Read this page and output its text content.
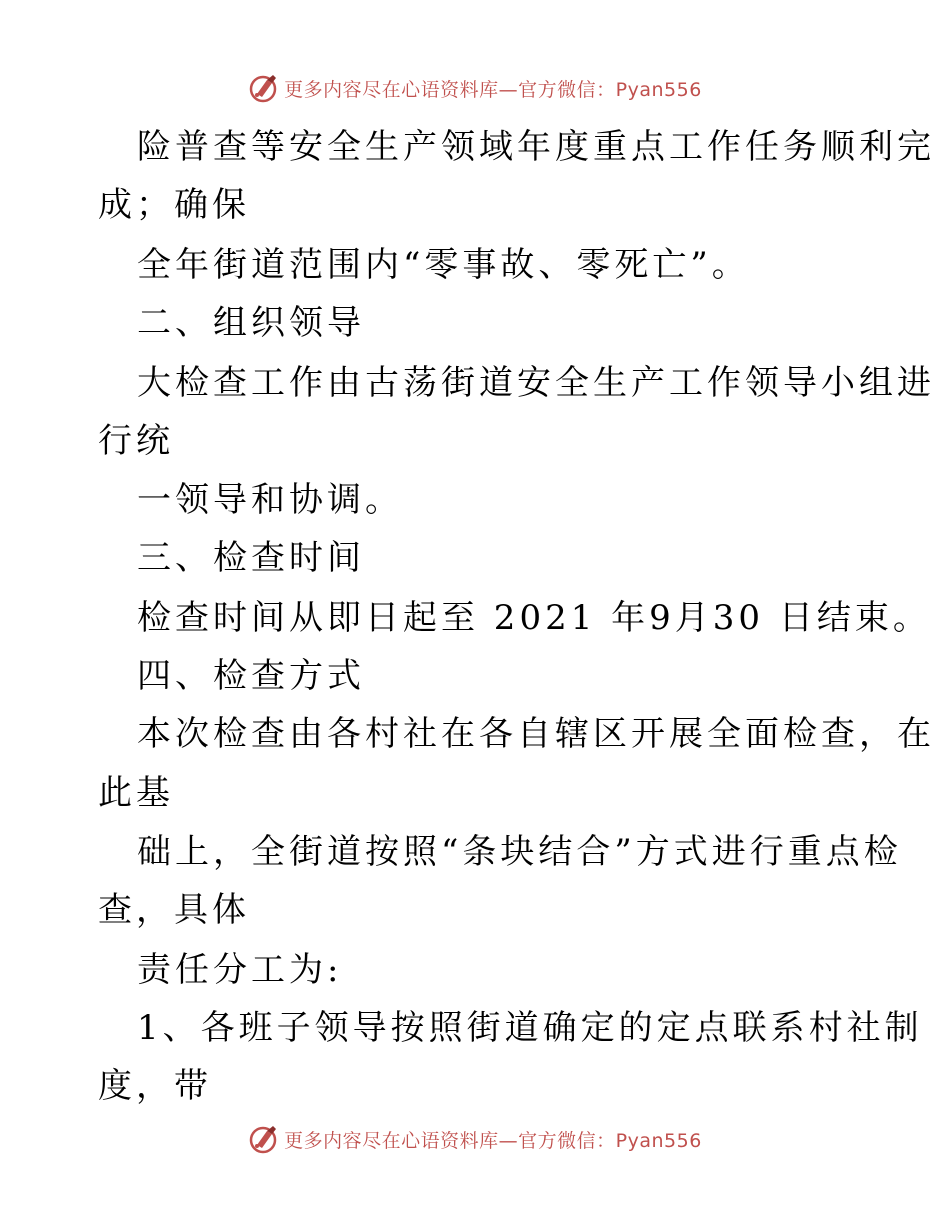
更多内容尽在心语资料库—官方微信：Pyan556
险普查等安全生产领域年度重点工作任务顺利完
成；确保
全年街道范围内“零事故、零死亡”。
二、组织领导
大检查工作由古荡街道安全生产工作领导小组进
行统
一领导和协调。
三、检查时间
检查时间从即日起至 2021 年9月30 日结束。
四、检查方式
本次检查由各村社在各自辖区开展全面检查，在
此基
础上，全街道按照“条块结合”方式进行重点检
查，具体
责任分工为:
1、各班子领导按照街道确定的定点联系村社制
度，带
更多内容尽在心语资料库—官方微信：Pyan556
